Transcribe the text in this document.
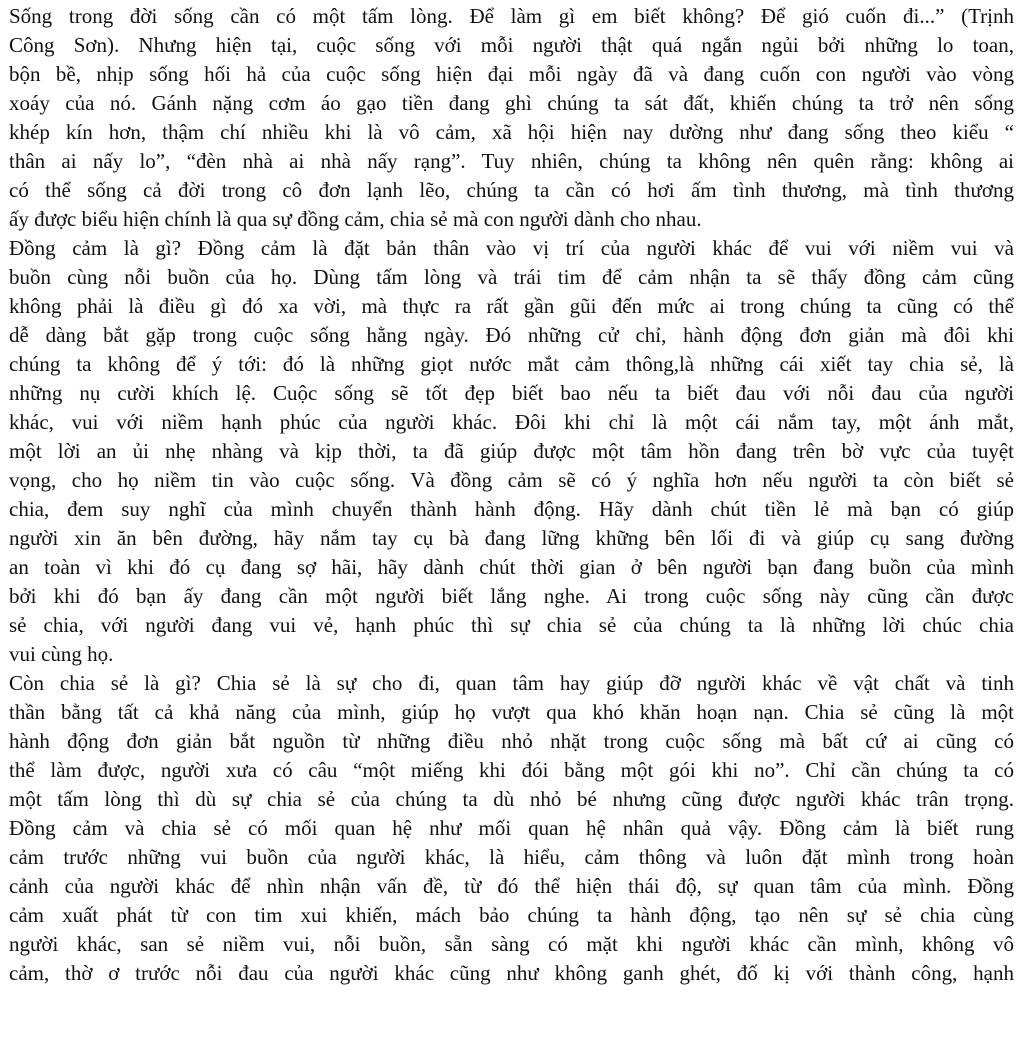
Sống trong đời sống cần có một tấm lòng. Để làm gì em biết không? Để gió cuốn đi...” (Trịnh
Công Sơn). Nhưng hiện tại, cuộc sống với mỗi người thật quá ngắn ngủi bởi những lo toan,
bộn bề, nhịp sống hối hả của cuộc sống hiện đại mỗi ngày đã và đang cuốn con người vào vòng
xoáy của nó. Gánh nặng cơm áo gạo tiền đang ghì chúng ta sát đất, khiến chúng ta trở nên sống
khép kín hơn, thậm chí nhiều khi là vô cảm, xã hội hiện nay dường như đang sống theo kiểu “
thân ai nấy lo”, “đèn nhà ai nhà nấy rạng”. Tuy nhiên, chúng ta không nên quên rằng: không ai
có thể sống cả đời trong cô đơn lạnh lẽo, chúng ta cần có hơi ấm tình thương, mà tình thương
ấy được biểu hiện chính là qua sự đồng cảm, chia sẻ mà con người dành cho nhau.

Đồng cảm là gì? Đồng cảm là đặt bản thân vào vị trí của người khác để vui với niềm vui và
buồn cùng nỗi buồn của họ. Dùng tấm lòng và trái tim để cảm nhận ta sẽ thấy đồng cảm cũng
không phải là điều gì đó xa vời, mà thực ra rất gần gũi đến mức ai trong chúng ta cũng có thể
dễ dàng bắt gặp trong cuộc sống hằng ngày. Đó những cử chỉ, hành động đơn giản mà đôi khi
chúng ta không để ý tới: đó là những giọt nước mắt cảm thông,là những cái xiết tay chia sẻ, là
những nụ cười khích lệ. Cuộc sống sẽ tốt đẹp biết bao nếu ta biết đau với nỗi đau của người
khác, vui với niềm hạnh phúc của người khác. Đôi khi chỉ là một cái nắm tay, một ánh mắt,
một lời an ủi nhẹ nhàng và kịp thời, ta đã giúp được một tâm hồn đang trên bờ vực của tuyệt
vọng, cho họ niềm tin vào cuộc sống. Và đồng cảm sẽ có ý nghĩa hơn nếu người ta còn biết sẻ
chia, đem suy nghĩ của mình chuyển thành hành động. Hãy dành chút tiền lẻ mà bạn có giúp
người xin ăn bên đường, hãy nắm tay cụ bà đang lững khững bên lối đi và giúp cụ sang đường
an toàn vì khi đó cụ đang sợ hãi, hãy dành chút thời gian ở bên người bạn đang buồn của mình
bởi khi đó bạn ấy đang cần một người biết lắng nghe. Ai trong cuộc sống này cũng cần được
sẻ chia, với người đang vui vẻ, hạnh phúc thì sự chia sẻ của chúng ta là những lời chúc chia
vui cùng họ.

Còn chia sẻ là gì? Chia sẻ là sự cho đi, quan tâm hay giúp đỡ người khác về vật chất và tinh
thần bằng tất cả khả năng của mình, giúp họ vượt qua khó khăn hoạn nạn. Chia sẻ cũng là một
hành động đơn giản bắt nguồn từ những điều nhỏ nhặt trong cuộc sống mà bất cứ ai cũng có
thể làm được, người xưa có câu “một miếng khi đói bằng một gói khi no”. Chỉ cần chúng ta có
một tấm lòng thì dù sự chia sẻ của chúng ta dù nhỏ bé nhưng cũng được người khác trân trọng.
Đồng cảm và chia sẻ có mối quan hệ như mối quan hệ nhân quả vậy. Đồng cảm là biết rung
cảm trước những vui buồn của người khác, là hiểu, cảm thông và luôn đặt mình trong hoàn
cảnh của người khác để nhìn nhận vấn đề, từ đó thể hiện thái độ, sự quan tâm của mình. Đồng
cảm xuất phát từ con tim xui khiến, mách bảo chúng ta hành động, tạo nên sự sẻ chia cùng
người khác, san sẻ niềm vui, nỗi buồn, sẵn sàng có mặt khi người khác cần mình, không vô
cảm, thờ ơ trước nỗi đau của người khác cũng như không ganh ghét, đố kị với thành công, hạnh
